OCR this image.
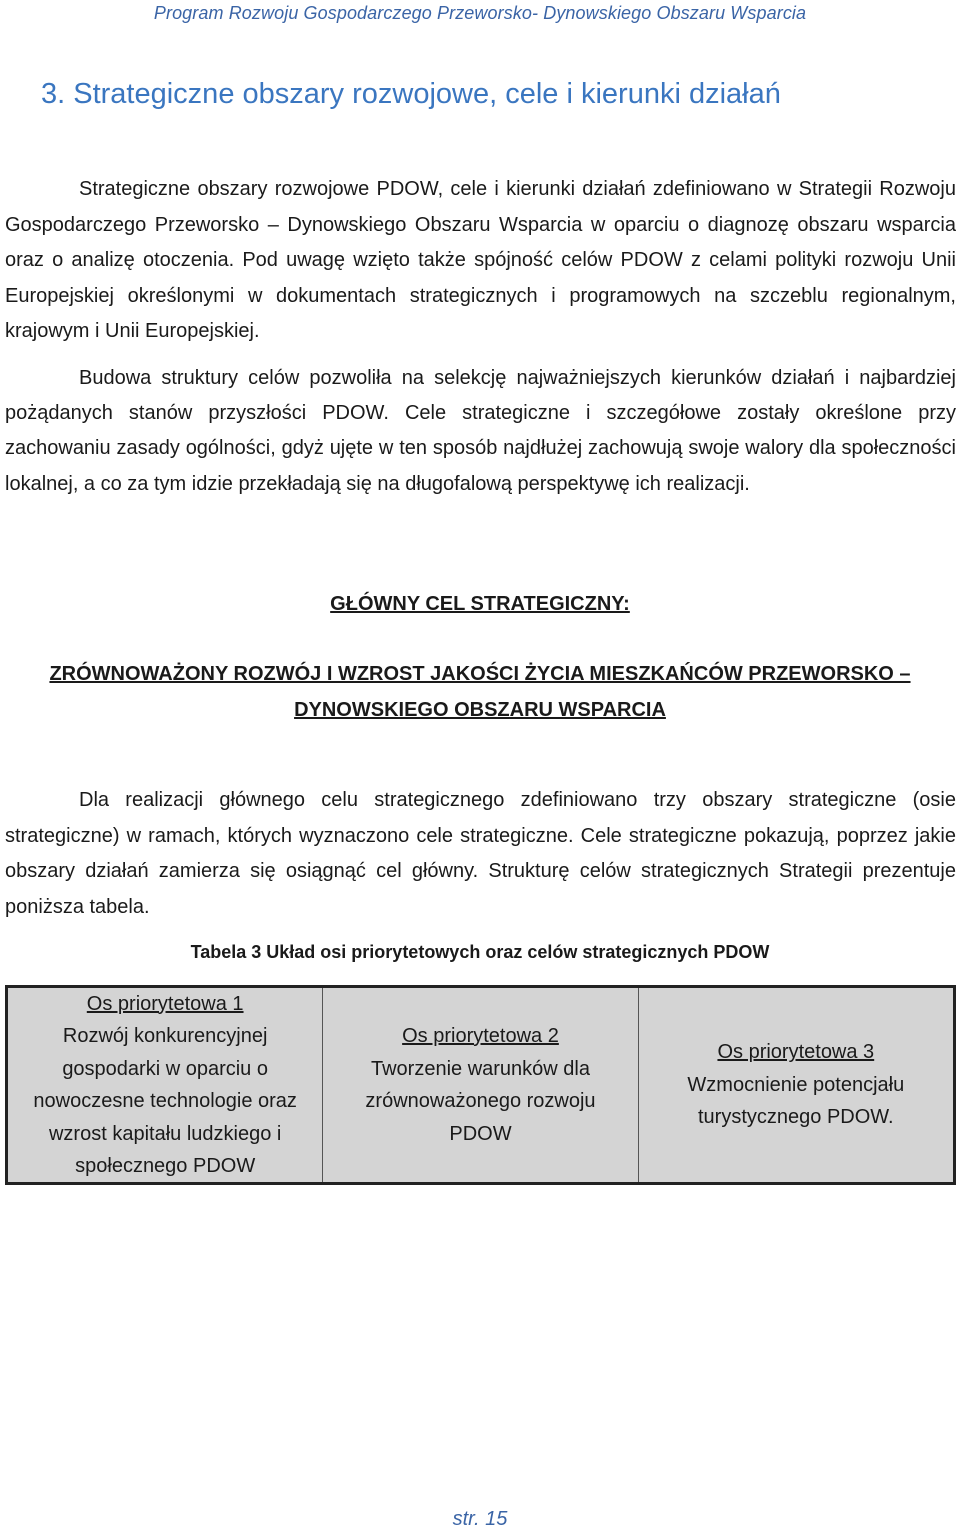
Program Rozwoju Gospodarczego Przeworsko- Dynowskiego Obszaru Wsparcia
3. Strategiczne obszary rozwojowe, cele i kierunki działań

Strategiczne obszary rozwojowe PDOW, cele i kierunki działań zdefiniowano w Strategii Rozwoju Gospodarczego Przeworsko – Dynowskiego Obszaru Wsparcia w oparciu o diagnozę obszaru wsparcia oraz o analizę otoczenia. Pod uwagę wzięto także spójność celów PDOW z celami polityki rozwoju Unii Europejskiej określonymi w dokumentach strategicznych i programowych na szczeblu regionalnym, krajowym i Unii Europejskiej.

Budowa struktury celów pozwoliła na selekcję najważniejszych kierunków działań i najbardziej pożądanych stanów przyszłości PDOW. Cele strategiczne i szczegółowe zostały określone przy zachowaniu zasady ogólności, gdyż ujęte w ten sposób najdłużej zachowują swoje walory dla społeczności lokalnej, a co za tym idzie przekładają się na długofalową perspektywę ich realizacji.

GŁÓWNY CEL STRATEGICZNY:
ZRÓWNOWAŻONY ROZWÓJ I WZROST JAKOŚCI ŻYCIA MIESZKAŃCÓW PRZEWORSKO –
DYNOWSKIEGO OBSZARU WSPARCIA

Dla realizacji głównego celu strategicznego zdefiniowano trzy obszary strategiczne (osie strategiczne) w ramach, których wyznaczono cele strategiczne. Cele strategiczne pokazują, poprzez jakie obszary działań zamierza się osiągnąć cel główny. Strukturę celów strategicznych Strategii prezentuje poniższa tabela.

Tabela 3 Układ osi priorytetowych oraz celów strategicznych PDOW
Os priorytetowa 1
Rozwój konkurencyjnej
gospodarki w oparciu o
nowoczesne technologie oraz
wzrost kapitału ludzkiego i
społecznego PDOW
Os priorytetowa 2
Tworzenie warunków dla
zrównoważonego rozwoju
PDOW
Os priorytetowa 3
Wzmocnienie potencjału
turystycznego PDOW.
str. 15
